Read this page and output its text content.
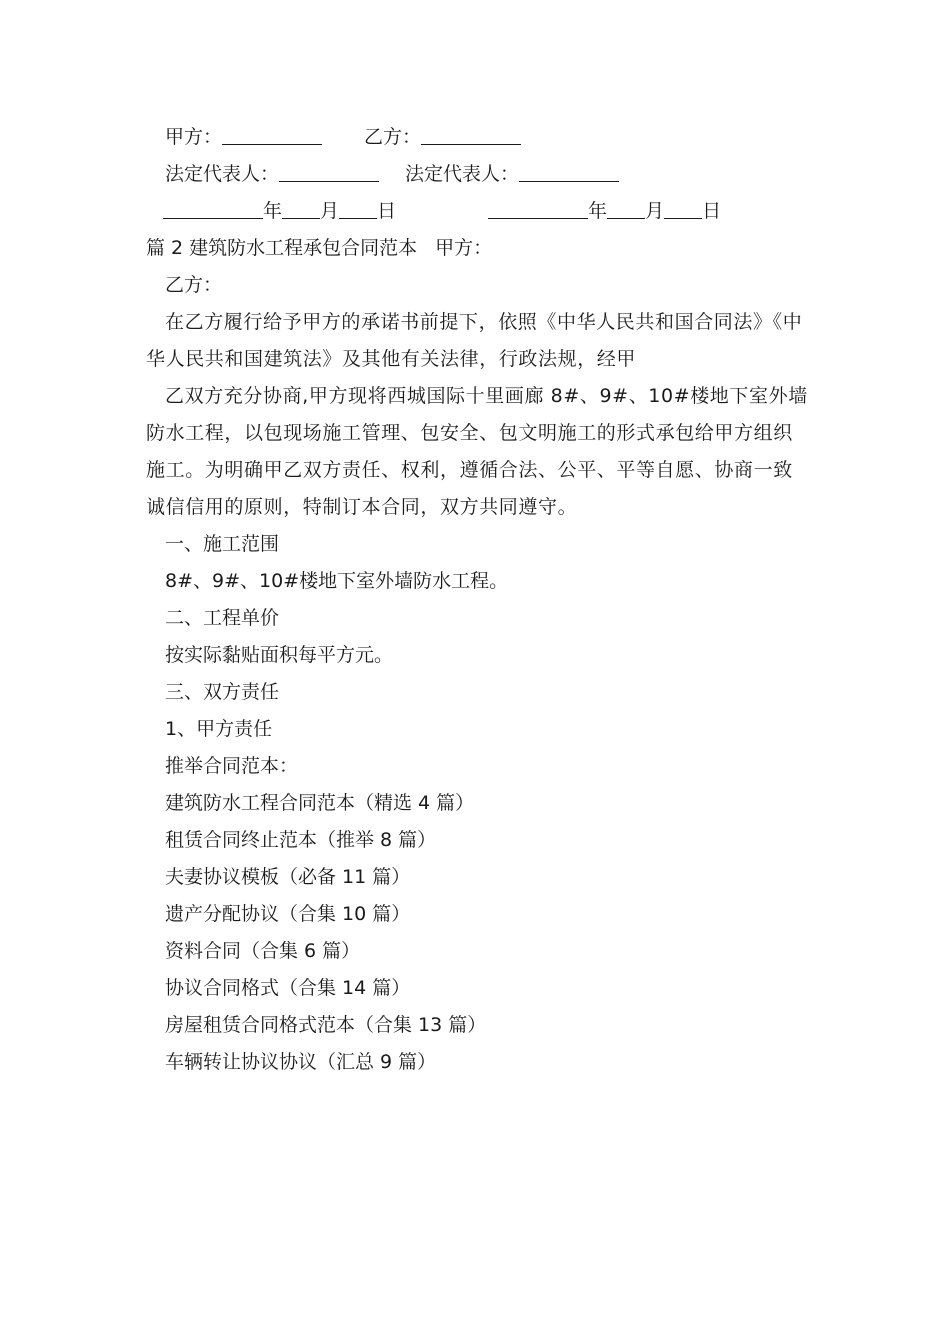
甲方：	乙方：
法定代表人：	法定代表人：
年 月 日	年 月 日
篇 2 建筑防水工程承包合同范本 甲方：
乙方：
在乙方履行给予甲方的承诺书前提下，依照《中华人民共和国合同法》《中华人民共和国建筑法》及其他有关法律，行政法规，经甲
乙双方充分协商,甲方现将西城国际十里画廊 8#、9#、10#楼地下室外墙防水工程，以包现场施工管理、包安全、包文明施工的形式承包给甲方组织施工。为明确甲乙双方责任、权利，遵循合法、公平、平等自愿、协商一致诚信信用的原则，特制订本合同，双方共同遵守。
一、施工范围
8#、9#、10#楼地下室外墙防水工程。
二、工程单价
按实际黏贴面积每平方元。
三、双方责任
1、甲方责任
推举合同范本：
建筑防水工程合同范本（精选 4 篇）
租赁合同终止范本（推举 8 篇）
夫妻协议模板（必备 11 篇）
遗产分配协议（合集 10 篇）
资料合同（合集 6 篇）
协议合同格式（合集 14 篇）
房屋租赁合同格式范本（合集 13 篇）
车辆转让协议协议（汇总 9 篇）
